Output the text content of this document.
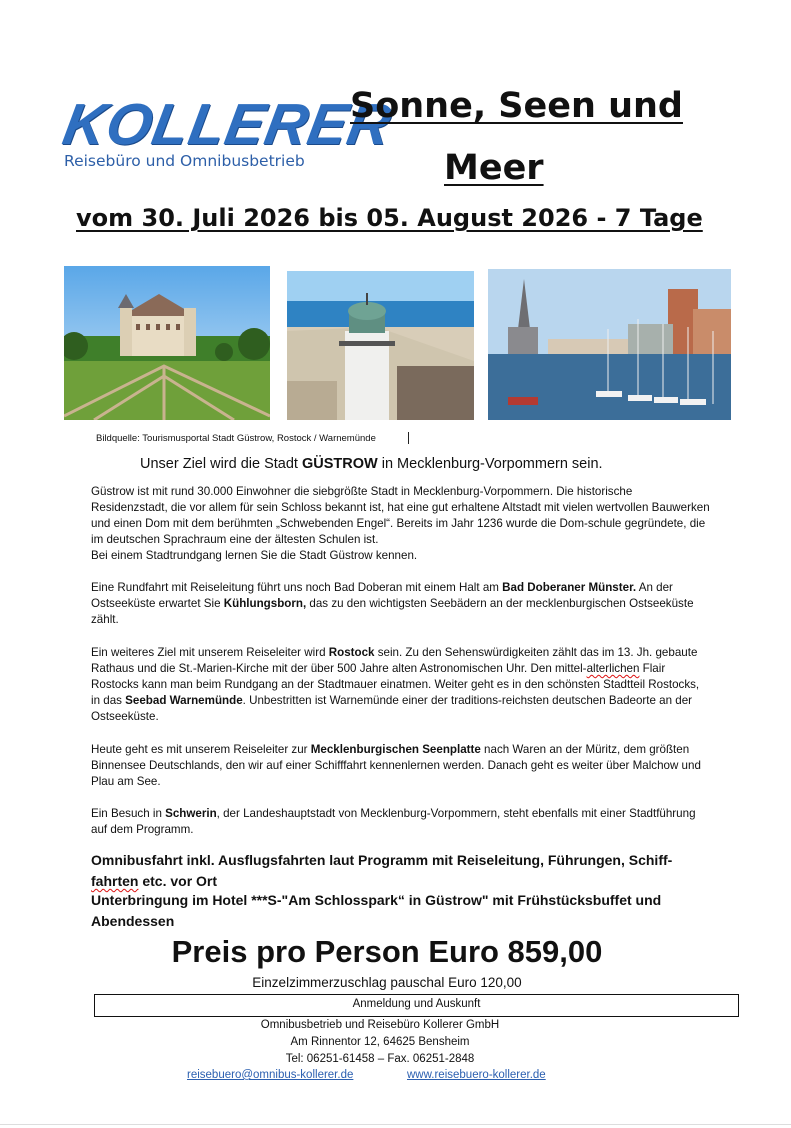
KOLLERER
Reisebüro und Omnibusbetrieb
Sonne, Seen und
Meer
vom 30. Juli 2026 bis 05. August 2026 - 7 Tage
Bildquelle: Tourismusportal Stadt Güstrow, Rostock / Warnemünde
Unser Ziel wird die Stadt GÜSTROW in Mecklenburg-Vorpommern sein.
Güstrow ist mit rund 30.000 Einwohner die siebgrößte Stadt in Mecklenburg-Vorpommern. Die historische Residenzstadt, die vor allem für sein Schloss bekannt ist, hat eine gut erhaltene Altstadt mit vielen wertvollen Bauwerken und einen Dom mit dem berühmten „Schwebenden Engel“. Bereits im Jahr 1236 wurde die Dom-schule gegründete, die im deutschen Sprachraum eine der ältesten Schulen ist.
Bei einem Stadtrundgang lernen Sie die Stadt Güstrow kennen.
Eine Rundfahrt mit Reiseleitung führt uns noch Bad Doberan mit einem Halt am Bad Doberaner Münster. An der Ostseeküste erwartet Sie Kühlungsborn, das zu den wichtigsten Seebädern an der mecklenburgischen Ostseeküste zählt.
Ein weiteres Ziel mit unserem Reiseleiter wird Rostock sein. Zu den Sehenswürdigkeiten zählt das im 13. Jh. gebaute Rathaus und die St.-Marien-Kirche mit der über 500 Jahre alten Astronomischen Uhr. Den mittel-alterlichen Flair Rostocks kann man beim Rundgang an der Stadtmauer einatmen. Weiter geht es in den schönsten Stadtteil Rostocks, in das Seebad Warnemünde. Unbestritten ist Warnemünde einer der traditions-reichsten deutschen Badeorte an der Ostseeküste.
Heute geht es mit unserem Reiseleiter zur Mecklenburgischen Seenplatte nach Waren an der Müritz, dem größten Binnensee Deutschlands, den wir auf einer Schifffahrt kennenlernen werden. Danach geht es weiter über Malchow und Plau am See.
Ein Besuch in Schwerin, der Landeshauptstadt von Mecklenburg-Vorpommern, steht ebenfalls mit einer Stadtführung auf dem Programm.
Omnibusfahrt inkl. Ausflugsfahrten laut Programm mit Reiseleitung, Führungen, Schiff-
fahrten etc. vor Ort
Unterbringung im Hotel ***S-"Am Schlosspark“ in Güstrow" mit Frühstücksbuffet und Abendessen
Preis pro Person Euro 859,00
Einzelzimmerzuschlag pauschal Euro 120,00
Anmeldung und Auskunft
Omnibusbetrieb und Reisebüro Kollerer GmbH
Am Rinnentor 12, 64625 Bensheim
Tel: 06251-61458 – Fax. 06251-2848
reisebuero@omnibus-kollerer.de	www.reisebuero-kollerer.de
